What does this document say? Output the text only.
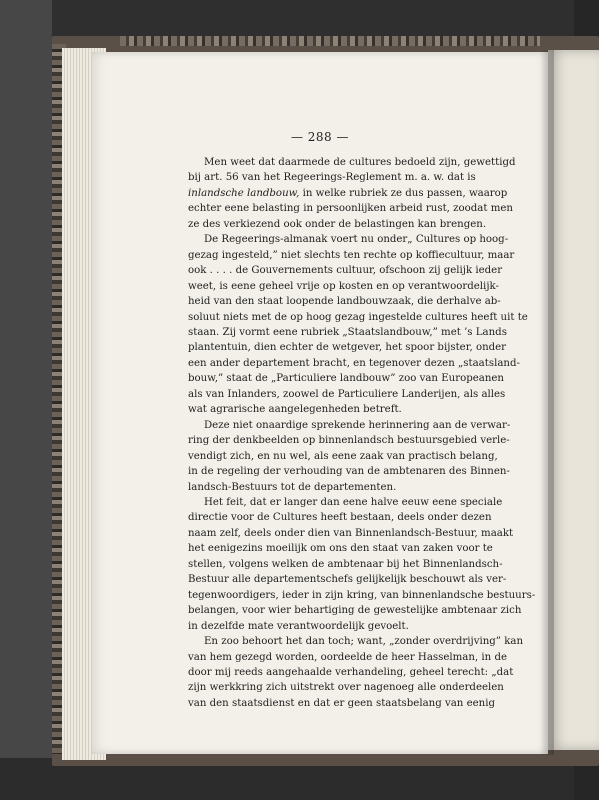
— 288 —
Men weet dat daarmede de cultures bedoeld zijn, gewettigd
bij art. 56 van het Regeerings-Reglement m. a. w. dat is
inlandsche landbouw, in welke rubriek ze dus passen, waarop
echter eene belasting in persoonlijken arbeid rust, zoodat men
ze des verkiezend ook onder de belastingen kan brengen.
De Regeerings-almanak voert nu onder„ Cultures op hoog-
gezag ingesteld,” niet slechts ten rechte op koffiecultuur, maar
ook . . . . de Gouvernements cultuur, ofschoon zij gelijk ieder
weet, is eene geheel vrije op kosten en op verantwoordelijk-
heid van den staat loopende landbouwzaak, die derhalve ab-
soluut niets met de op hoog gezag ingestelde cultures heeft uit te
staan. Zij vormt eene rubriek „Staatslandbouw,” met ’s Lands
plantentuin, dien echter de wetgever, het spoor bijster, onder
een ander departement bracht, en tegenover dezen „staatsland-
bouw,” staat de „Particuliere landbouw” zoo van Europeanen
als van Inlanders, zoowel de Particuliere Landerijen, als alles
wat agrarische aangelegenheden betreft.
Deze niet onaardige sprekende herinnering aan de verwar-
ring der denkbeelden op binnenlandsch bestuursgebied verle-
vendigt zich, en nu wel, als eene zaak van practisch belang,
in de regeling der verhouding van de ambtenaren des Binnen-
landsch-Bestuurs tot de departementen.
Het feit, dat er langer dan eene halve eeuw eene speciale
directie voor de Cultures heeft bestaan, deels onder dezen
naam zelf, deels onder dien van Binnenlandsch-Bestuur, maakt
het eenigezins moeilijk om ons den staat van zaken voor te
stellen, volgens welken de ambtenaar bij het Binnenlandsch-
Bestuur alle departementschefs gelijkelijk beschouwt als ver-
tegenwoordigers, ieder in zijn kring, van binnenlandsche bestuurs-
belangen, voor wier behartiging de gewestelijke ambtenaar zich
in dezelfde mate verantwoordelijk gevoelt.
En zoo behoort het dan toch; want, „zonder overdrijving” kan
van hem gezegd worden, oordeelde de heer Hasselman, in de
door mij reeds aangehaalde verhandeling, geheel terecht: „dat
zijn werkkring zich uitstrekt over nagenoeg alle onderdeelen
van den staatsdienst en dat er geen staatsbelang van eenig
